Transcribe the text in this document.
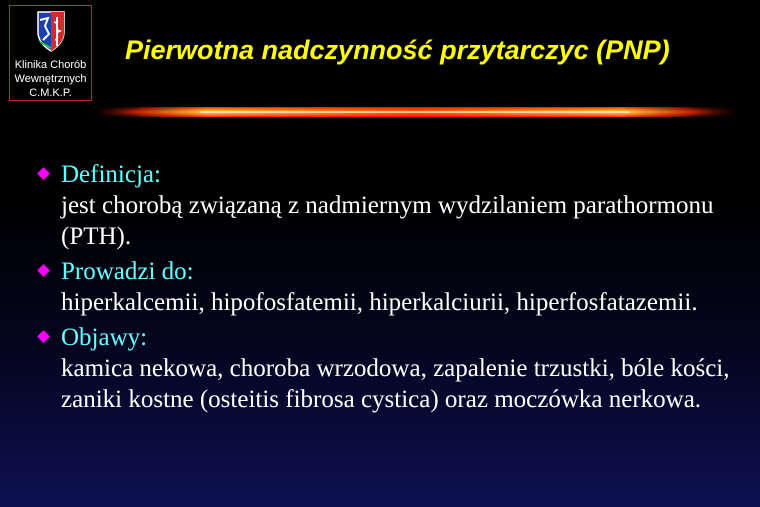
Klinika Chorób
Wewnętrznych
C.M.K.P.
Pierwotna nadczynność przytarczyc (PNP)
Definicja:
jest chorobą związaną z nadmiernym wydzilaniem parathormonu (PTH).
Prowadzi do:
hiperkalcemii, hipofosfatemii, hiperkalciurii, hiperfosfatazemii.
Objawy:
kamica nekowa, choroba wrzodowa, zapalenie trzustki, bóle kości, zaniki kostne (osteitis fibrosa cystica) oraz moczówka nerkowa.
